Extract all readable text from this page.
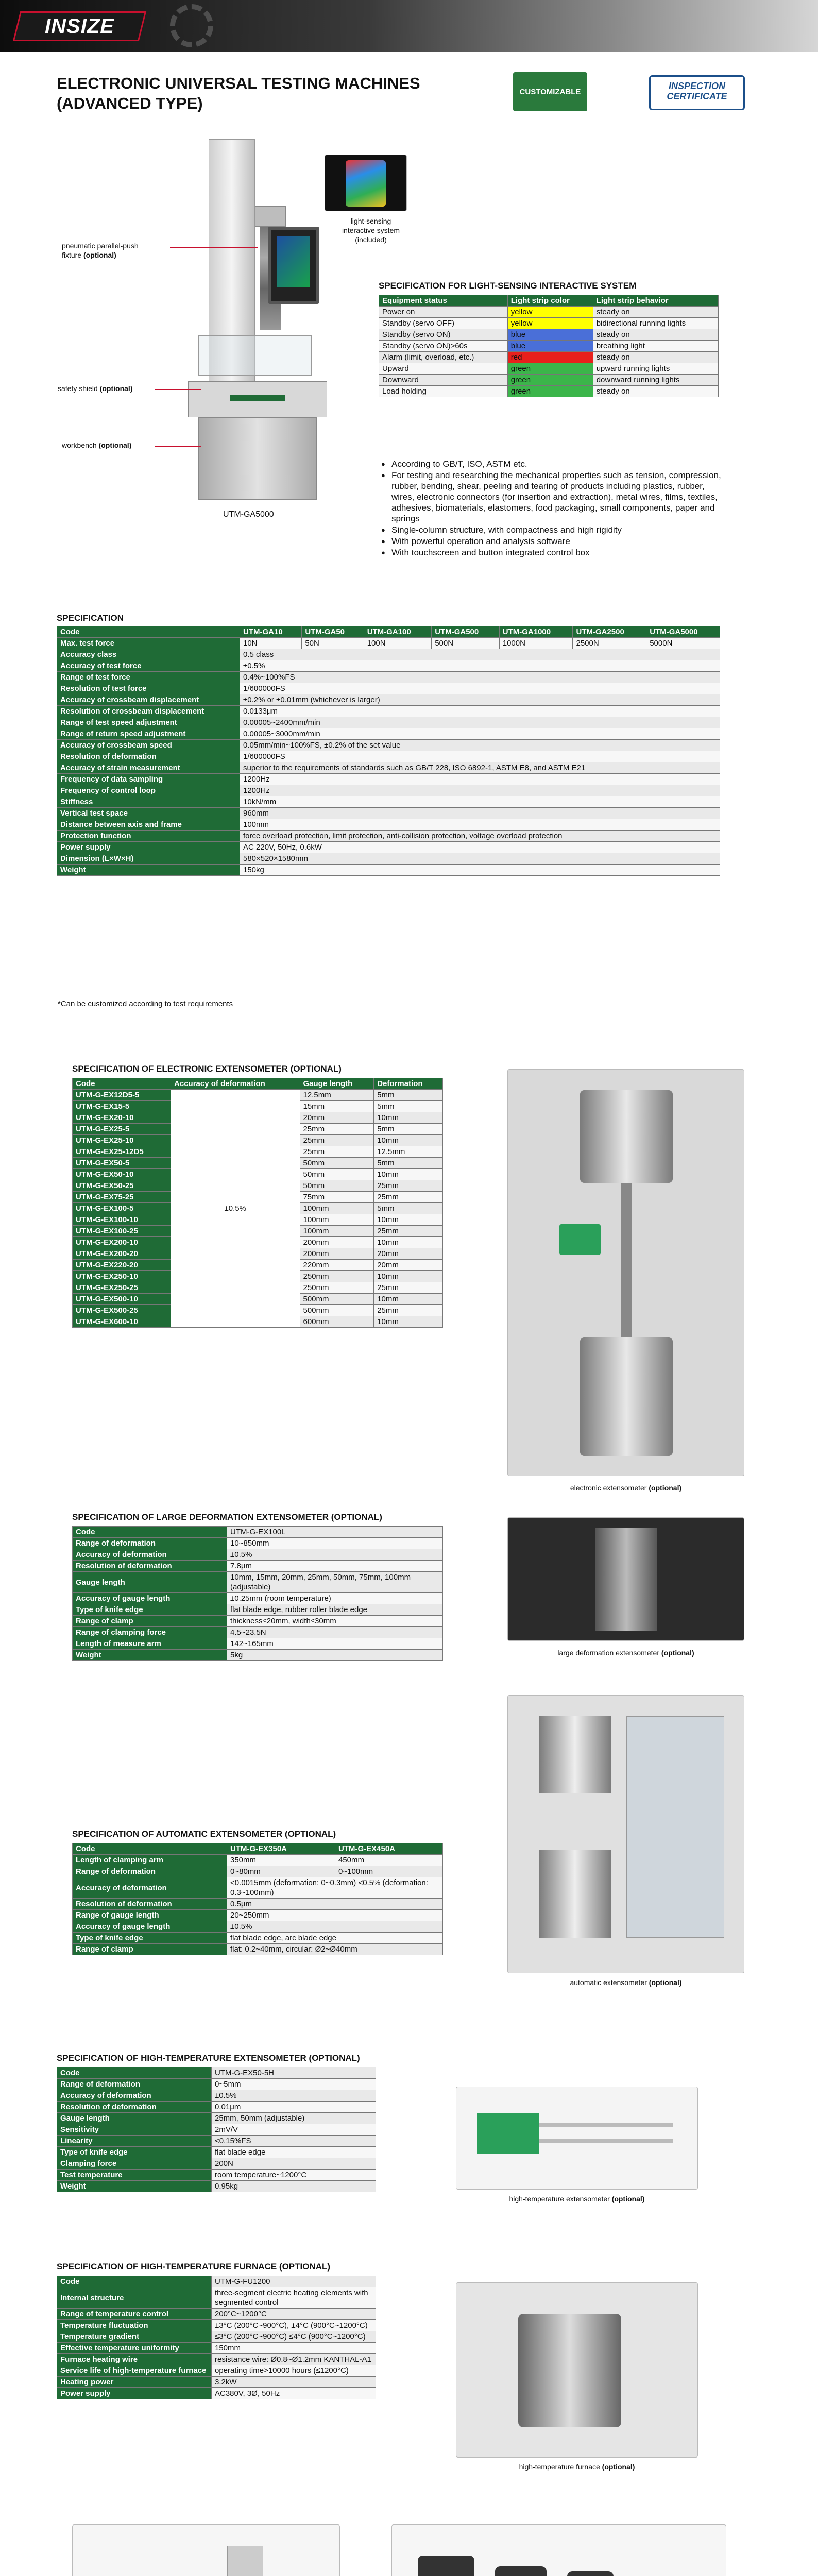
INSIZE
ELECTRONIC UNIVERSAL TESTING MACHINES
(ADVANCED TYPE)
CUSTOMIZABLE
INSPECTION
CERTIFICATE
UTM-GA5000
light-sensing
interactive system
(included)
pneumatic parallel-push
fixture (optional)
safety shield (optional)
workbench (optional)
SPECIFICATION FOR LIGHT-SENSING INTERACTIVE SYSTEM
Equipment status	Light strip color	Light strip behavior
Power on	yellow	steady on
Standby (servo OFF)	yellow	bidirectional running lights
Standby (servo ON)	blue	steady on
Standby (servo ON)>60s	blue	breathing light
Alarm (limit, overload, etc.)	red	steady on
Upward	green	upward running lights
Downward	green	downward running lights
Load holding	green	steady on
● According to GB/T, ISO, ASTM etc.
● For testing and researching the mechanical properties such as tension, compression, rubber, bending, shear, peeling and tearing of products including plastics, rubber, wires, electronic connectors (for insertion and extraction), metal wires, films, textiles, adhesives, biomaterials, elastomers, food packaging, small components, paper and springs
● Single-column structure, with compactness and high rigidity
● With powerful operation and analysis software
● With touchscreen and button integrated control box
SPECIFICATION
Code	UTM-GA10	UTM-GA50	UTM-GA100	UTM-GA500	UTM-GA1000	UTM-GA2500	UTM-GA5000
Max. test force	10N	50N	100N	500N	1000N	2500N	5000N
Accuracy class	0.5 class						
Accuracy of test force	±0.5%						
Range of test force	0.4%~100%FS						
Resolution of test force	1/600000FS						
Accuracy of crossbeam displacement	±0.2% or ±0.01mm (whichever is larger)						
Resolution of crossbeam displacement	0.0133μm						
Range of test speed adjustment	0.00005~2400mm/min						
Range of return speed adjustment	0.00005~3000mm/min						
Accuracy of crossbeam speed	0.05mm/min~100%FS, ±0.2% of the set value						
Resolution of deformation	1/600000FS						
Accuracy of strain measurement	superior to the requirements of standards such as GB/T 228, ISO 6892-1, ASTM E8, and ASTM E21						
Frequency of data sampling	1200Hz						
Frequency of control loop	1200Hz						
Stiffness	10kN/mm						
Vertical test space	960mm						
Distance between axis and frame	100mm						
Protection function	force overload protection, limit protection, anti-collision protection, voltage overload protection						
Power supply	AC 220V, 50Hz, 0.6kW						
Dimension (L×W×H)	580×520×1580mm						
Weight	150kg						
*Can be customized according to test requirements
SPECIFICATION OF ELECTRONIC EXTENSOMETER (OPTIONAL)
Code	Accuracy of deformation	Gauge length	Deformation
UTM-G-EX12D5-5	±0.5%	12.5mm	5mm
UTM-G-EX15-5		15mm	5mm
UTM-G-EX20-10		20mm	10mm
UTM-G-EX25-5		25mm	5mm
UTM-G-EX25-10		25mm	10mm
UTM-G-EX25-12D5		25mm	12.5mm
UTM-G-EX50-5		50mm	5mm
UTM-G-EX50-10		50mm	10mm
UTM-G-EX50-25		50mm	25mm
UTM-G-EX75-25		75mm	25mm
UTM-G-EX100-5		100mm	5mm
UTM-G-EX100-10		100mm	10mm
UTM-G-EX100-25		100mm	25mm
UTM-G-EX200-10		200mm	10mm
UTM-G-EX200-20		200mm	20mm
UTM-G-EX220-20		220mm	20mm
UTM-G-EX250-10		250mm	10mm
UTM-G-EX250-25		250mm	25mm
UTM-G-EX500-10		500mm	10mm
UTM-G-EX500-25		500mm	25mm
UTM-G-EX600-10		600mm	10mm
electronic extensometer (optional)
SPECIFICATION OF LARGE DEFORMATION EXTENSOMETER (OPTIONAL)
Code	UTM-G-EX100L
Range of deformation	10~850mm
Accuracy of deformation	±0.5%
Resolution of deformation	7.8μm
Gauge length	10mm, 15mm, 20mm, 25mm, 50mm, 75mm, 100mm (adjustable)
Accuracy of gauge length	±0.25mm (room temperature)
Type of knife edge	flat blade edge, rubber roller blade edge
Range of clamp	thickness≤20mm, width≤30mm
Range of clamping force	4.5~23.5N
Length of measure arm	142~165mm
Weight	5kg	large deformation extensometer (optional)
automatic extensometer (optional)
SPECIFICATION OF AUTOMATIC EXTENSOMETER (OPTIONAL)
Code	UTM-G-EX350A	UTM-G-EX450A
Length of clamping arm	350mm	450mm
Range of deformation	0~80mm	0~100mm
Accuracy of deformation	<0.0015mm (deformation: 0~0.3mm) <0.5% (deformation: 0.3~100mm)	
Resolution of deformation	0.5μm	
Range of gauge length	20~250mm	
Accuracy of gauge length	±0.5%	
Type of knife edge	flat blade edge, arc blade edge	
Range of clamp	flat: 0.2~40mm, circular: Ø2~Ø40mm	
SPECIFICATION OF HIGH-TEMPERATURE EXTENSOMETER (OPTIONAL)
Code	UTM-G-EX50-5H
Range of deformation	0~5mm
Accuracy of deformation	±0.5%
Resolution of deformation	0.01μm
Gauge length	25mm, 50mm (adjustable)
Sensitivity	2mV/V
Linearity	<0.15%FS
Type of knife edge	flat blade edge
Clamping force	200N
Test temperature	room temperature~1200°C
Weight	0.95kg
high-temperature extensometer (optional)
SPECIFICATION OF HIGH-TEMPERATURE FURNACE (OPTIONAL)
Code	UTM-G-FU1200
Internal structure	three-segment electric heating elements with segmented control
Range of temperature control	200°C~1200°C
Temperature fluctuation	±3°C (200°C~900°C), ±4°C (900°C~1200°C)
Temperature gradient	≤3°C (200°C~900°C) ≤4°C (900°C~1200°C)
Effective temperature uniformity	150mm
Furnace heating wire	resistance wire: Ø0.8~Ø1.2mm KANTHAL-A1
Service life of high-temperature furnace	operating time>10000 hours (≤1200°C)
Heating power	3.2kW
Power supply	AC380V, 3Ø, 50Hz
high-temperature furnace (optional)
